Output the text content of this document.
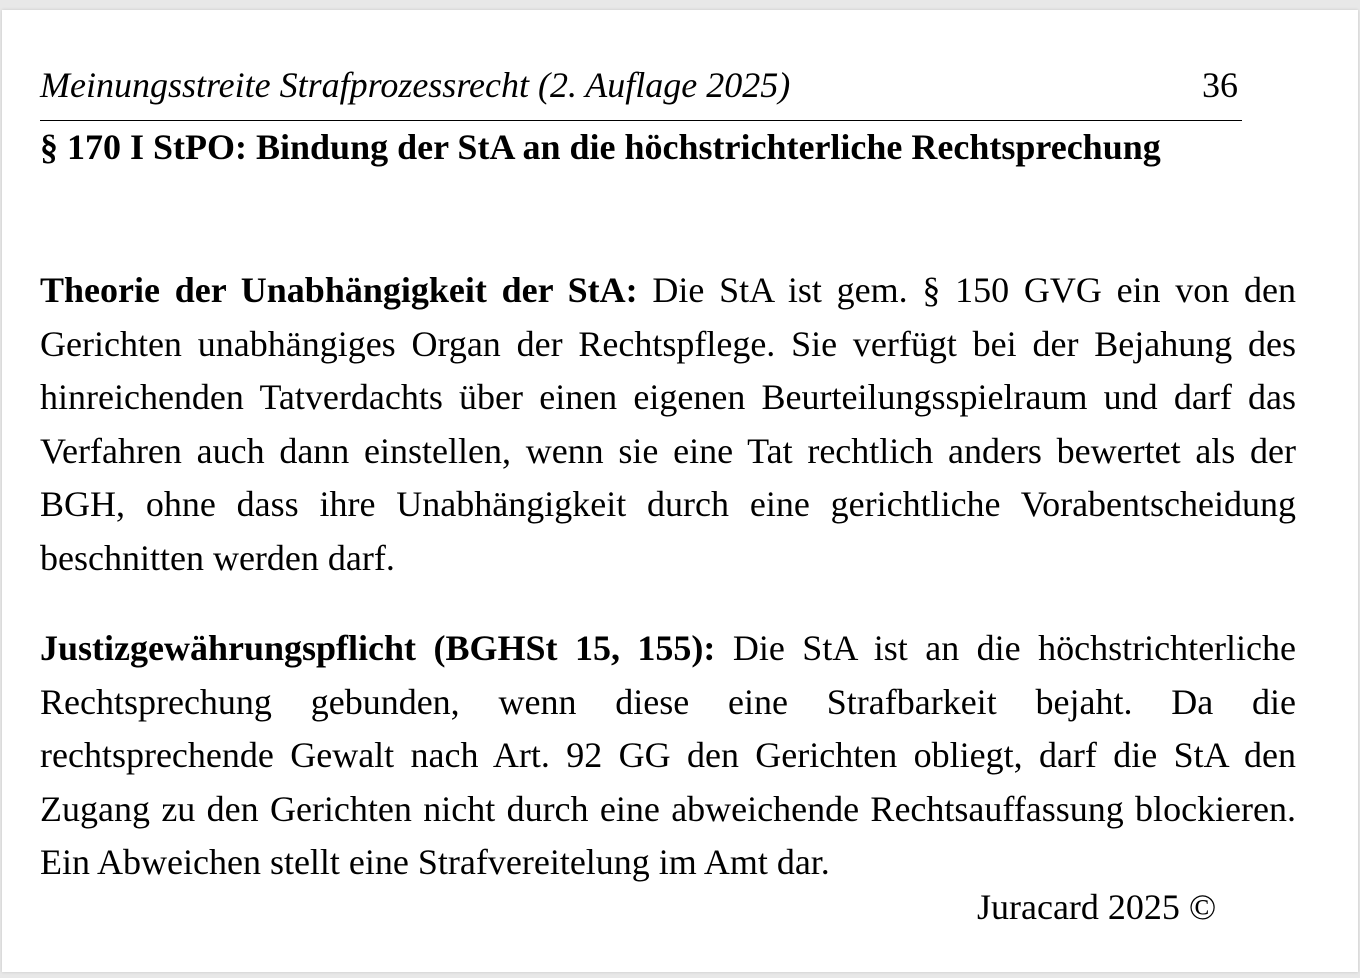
Meinungsstreite Strafprozessrecht (2. Auflage 2025)	36
§ 170 I StPO: Bindung der StA an die höchstrichterliche Rechtsprechung

Theorie der Unabhängigkeit der StA: Die StA ist gem. § 150 GVG ein von den Gerichten unabhängiges Organ der Rechtspflege. Sie verfügt bei der Bejahung des hinreichenden Tatverdachts über einen eigenen Beurteilungsspielraum und darf das Verfahren auch dann einstellen, wenn sie eine Tat rechtlich anders bewertet als der BGH, ohne dass ihre Unabhängigkeit durch eine gerichtliche Vorabentscheidung beschnitten werden darf.

Justizgewährungspflicht (BGHSt 15, 155): Die StA ist an die höchstrichterliche Rechtsprechung gebunden, wenn diese eine Strafbarkeit bejaht. Da die rechtsprechende Gewalt nach Art. 92 GG den Gerichten obliegt, darf die StA den Zugang zu den Gerichten nicht durch eine abweichende Rechtsauffassung blockieren. Ein Abweichen stellt eine Strafvereitelung im Amt dar.

Juracard 2025 ©
